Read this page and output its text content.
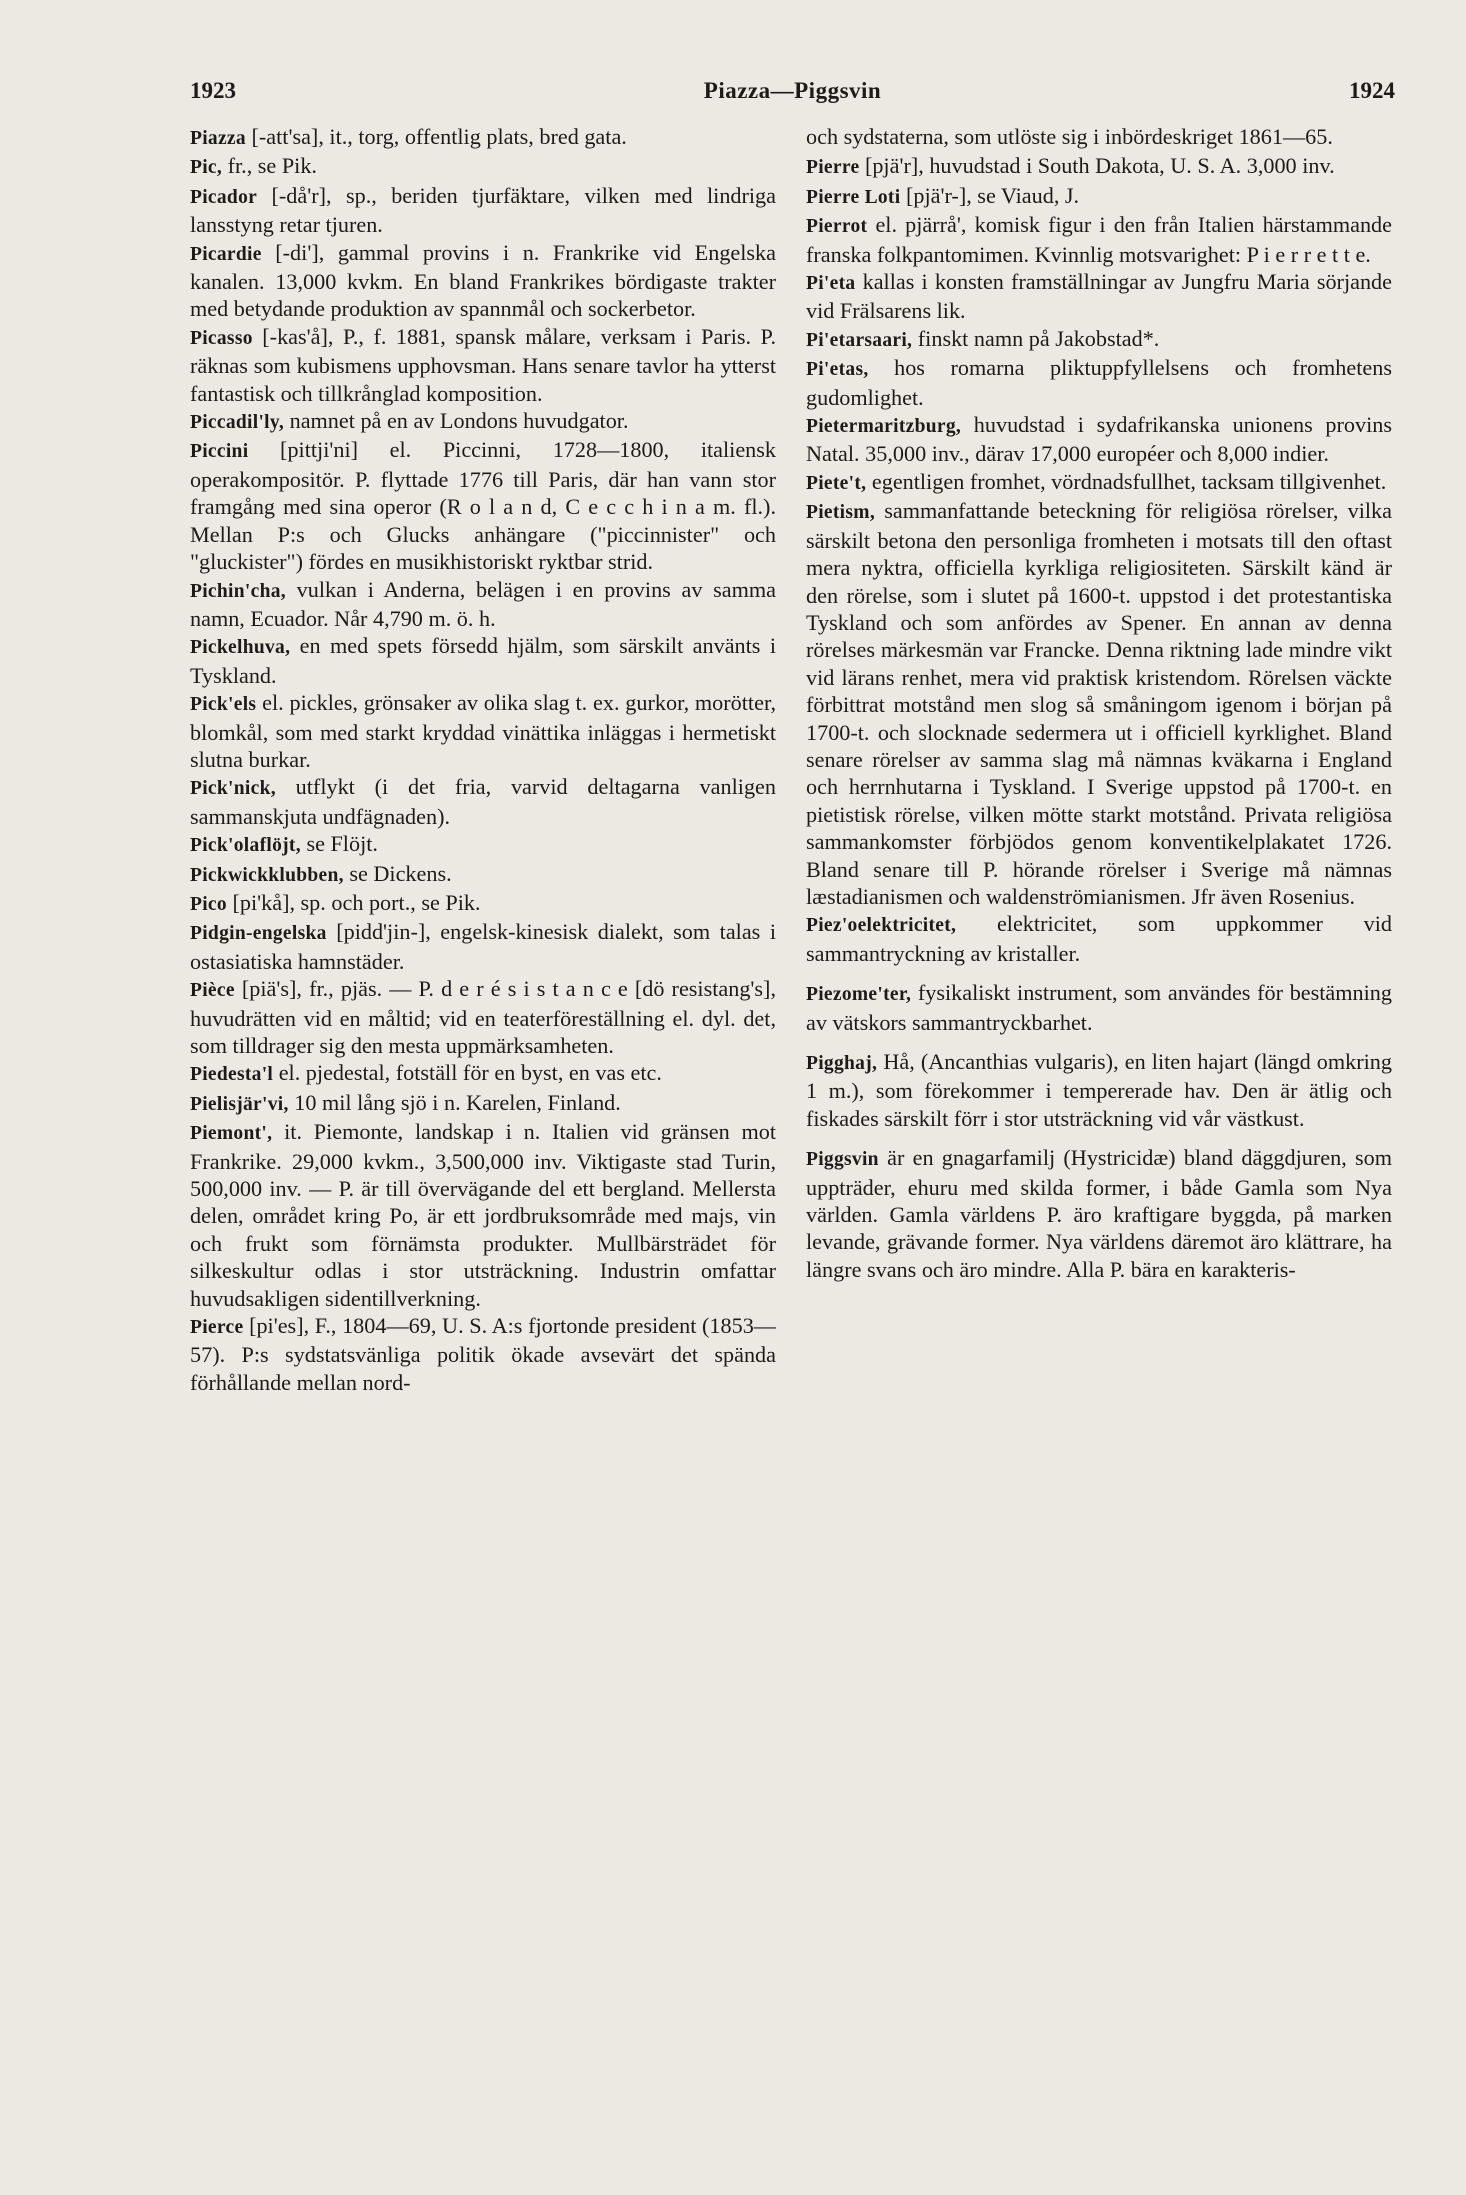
1923	Piazza—Piggsvin	1924

Piazza [-att'sa], it., torg, offentlig plats, bred gata.

Pic, fr., se Pik.

Picador [-då'r], sp., beriden tjurfäktare, vilken med lindriga lansstyng retar tjuren.

Picardie [-di'], gammal provins i n. Frankrike vid Engelska kanalen. 13,000 kvkm. En bland Frankrikes bördigaste trakter med betydande produktion av spannmål och sockerbetor.

Picasso [-kas'å], P., f. 1881, spansk målare, verksam i Paris. P. räknas som kubismens upphovsman. Hans senare tavlor ha ytterst fantastisk och tillkrånglad komposition.

Piccadil'ly, namnet på en av Londons huvudgator.

Piccini [pittji'ni] el. Piccinni, 1728—1800, italiensk operakompositör. P. flyttade 1776 till Paris, där han vann stor framgång med sina operor (R o l a n d, C e c c h i n a m. fl.). Mellan P:s och Glucks anhängare ("piccinnister" och "gluckister") fördes en musikhistoriskt ryktbar strid.

Pichin'cha, vulkan i Anderna, belägen i en provins av samma namn, Ecuador. Når 4,790 m. ö. h.

Pickelhuva, en med spets försedd hjälm, som särskilt använts i Tyskland.

Pick'els el. pickles, grönsaker av olika slag t. ex. gurkor, morötter, blomkål, som med starkt kryddad vinättika inläggas i hermetiskt slutna burkar.

Pick'nick, utflykt (i det fria, varvid deltagarna vanligen sammanskjuta undfägnaden).

Pick'olaflöjt, se Flöjt.

Pickwickklubben, se Dickens.

Pico [pi'kå], sp. och port., se Pik.

Pidgin-engelska [pidd'jin-], engelsk-kinesisk dialekt, som talas i ostasiatiska hamnstäder.

Pièce [piä's], fr., pjäs. — P. d e r é s i s t a n c e [dö resistang's], huvudrätten vid en måltid; vid en teaterföreställning el. dyl. det, som tilldrager sig den mesta uppmärksamheten.

Piedesta'l el. pjedestal, fotställ för en byst, en vas etc.

Pielisjär'vi, 10 mil lång sjö i n. Karelen, Finland.

Piemont', it. Piemonte, landskap i n. Italien vid gränsen mot Frankrike. 29,000 kvkm., 3,500,000 inv. Viktigaste stad Turin, 500,000 inv. — P. är till övervägande del ett bergland. Mellersta delen, området kring Po, är ett jordbruksområde med majs, vin och frukt som förnämsta produkter. Mullbärsträdet för silkeskultur odlas i stor utsträckning. Industrin omfattar huvudsakligen sidentillverkning.

Pierce [pi'es], F., 1804—69, U. S. A:s fjortonde president (1853—57). P:s sydstatsvänliga politik ökade avsevärt det spända förhållande mellan nord-

och sydstaterna, som utlöste sig i inbördeskriget 1861—65.

Pierre [pjä'r], huvudstad i South Dakota, U. S. A. 3,000 inv.

Pierre Loti [pjä'r-], se Viaud, J.

Pierrot el. pjärrå', komisk figur i den från Italien härstammande franska folkpantomimen. Kvinnlig motsvarighet: P i e r r e t t e.

Pi'eta kallas i konsten framställningar av Jungfru Maria sörjande vid Frälsarens lik.

Pi'etarsaari, finskt namn på Jakobstad*.

Pi'etas, hos romarna pliktuppfyllelsens och fromhetens gudomlighet.

Pietermaritzburg, huvudstad i sydafrikanska unionens provins Natal. 35,000 inv., därav 17,000 européer och 8,000 indier.

Piete't, egentligen fromhet, vördnadsfullhet, tacksam tillgivenhet.

Pietism, sammanfattande beteckning för religiösa rörelser, vilka särskilt betona den personliga fromheten i motsats till den oftast mera nyktra, officiella kyrkliga religiositeten. Särskilt känd är den rörelse, som i slutet på 1600-t. uppstod i det protestantiska Tyskland och som anfördes av Spener. En annan av denna rörelses märkesmän var Francke. Denna riktning lade mindre vikt vid lärans renhet, mera vid praktisk kristendom. Rörelsen väckte förbittrat motstånd men slog så småningom igenom i början på 1700-t. och slocknade sedermera ut i officiell kyrklighet. Bland senare rörelser av samma slag må nämnas kväkarna i England och herrnhutarna i Tyskland. I Sverige uppstod på 1700-t. en pietistisk rörelse, vilken mötte starkt motstånd. Privata religiösa sammankomster förbjödos genom konventikelplakatet 1726. Bland senare till P. hörande rörelser i Sverige må nämnas læstadianismen och waldenströmianismen. Jfr även Rosenius.

Piez'oelektricitet, elektricitet, som uppkommer vid sammantryckning av kristaller.

Piezome'ter, fysikaliskt instrument, som användes för bestämning av vätskors sammantryckbarhet.

Pigghaj, Hå, (Ancanthias vulgaris), en liten hajart (längd omkring 1 m.), som förekommer i tempererade hav. Den är ätlig och fiskades särskilt förr i stor utsträckning vid vår västkust.

Piggsvin är en gnagarfamilj (Hystricidæ) bland däggdjuren, som uppträder, ehuru med skilda former, i både Gamla som Nya världen. Gamla världens P. äro kraftigare byggda, på marken levande, grävande former. Nya världens däremot äro klättrare, ha längre svans och äro mindre. Alla P. bära en karakteris-
